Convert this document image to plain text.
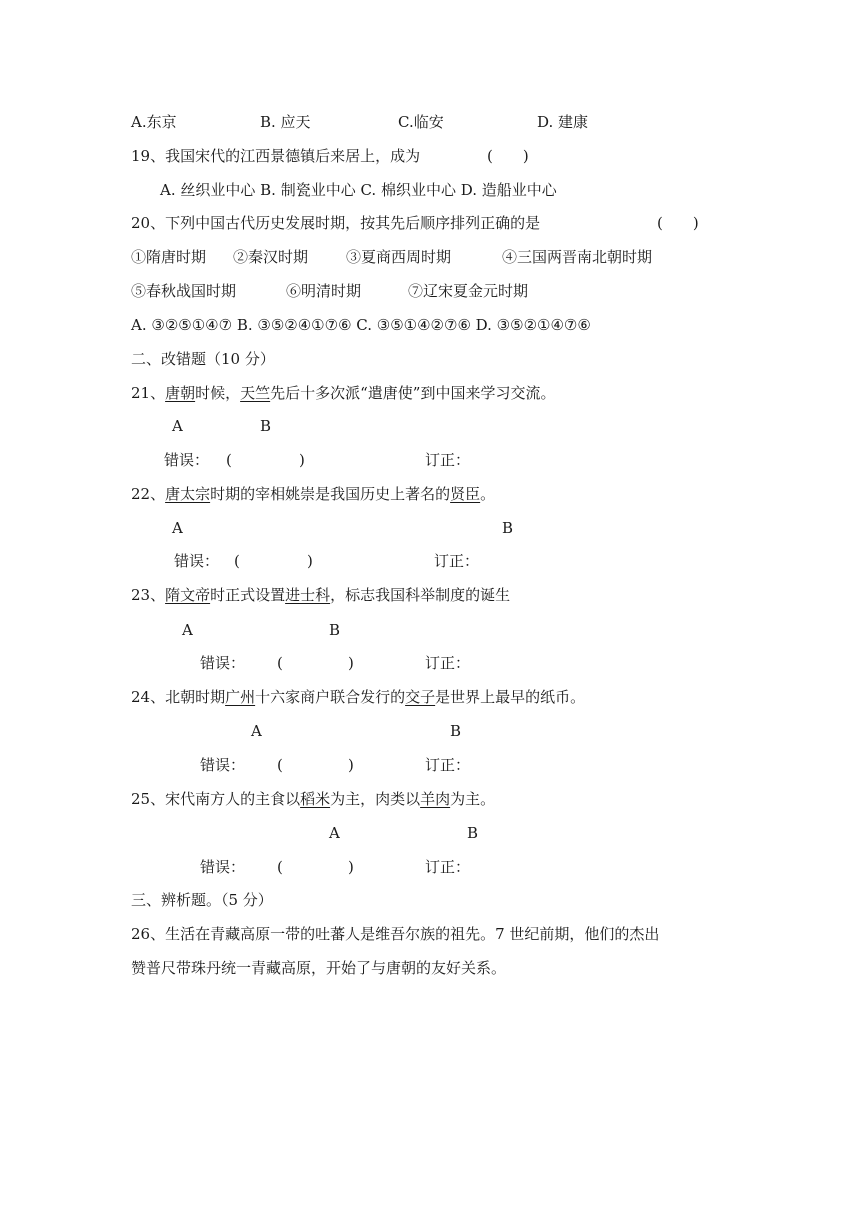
A.东京	B. 应天	C.临安	D. 建康
19、我国宋代的江西景德镇后来居上，成为	(　　)
A. 丝织业中心 B. 制瓷业中心 C. 棉织业中心 D. 造船业中心
20、下列中国古代历史发展时期，按其先后顺序排列正确的是	(　　)
①隋唐时期 ②秦汉时期	③夏商西周时期	④三国两晋南北朝时期
⑤春秋战国时期	⑥明清时期	⑦辽宋夏金元时期
A. ③②⑤①④⑦ B. ③⑤②④①⑦⑥ C. ③⑤①④②⑦⑥ D. ③⑤②①④⑦⑥
二、改错题（10 分）
21、唐朝时候，天竺先后十多次派“遣唐使”到中国来学习交流。
A	B
错误： (	)	订正：
22、唐太宗时期的宰相姚崇是我国历史上著名的贤臣。
A	B
错误： (	)	订正：
23、隋文帝时正式设置进士科，标志我国科举制度的诞生
A	B
错误： (	)	订正：
24、北朝时期广州十六家商户联合发行的交子是世界上最早的纸币。
A	B
错误： (	)	订正：
25、宋代南方人的主食以稻米为主，肉类以羊肉为主。
A	B
错误： (	)	订正：
三、辨析题。（5 分）
26、生活在青藏高原一带的吐蕃人是维吾尔族的祖先。7 世纪前期，他们的杰出
赞普尺带珠丹统一青藏高原，开始了与唐朝的友好关系。
